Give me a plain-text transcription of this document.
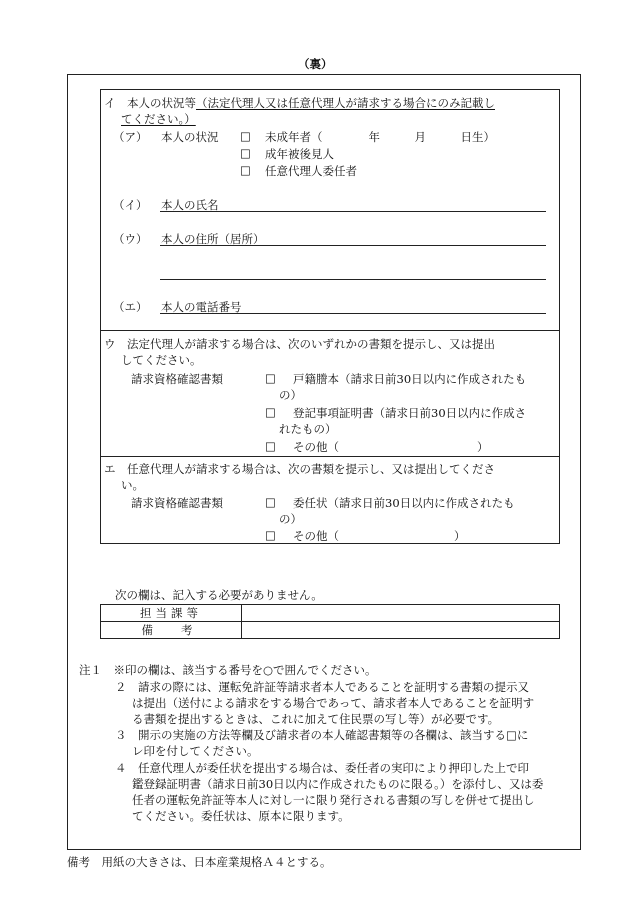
（裏）
イ　本人の状況等（法定代理人又は任意代理人が請求する場合にのみ記載し
てください。）
（ア） 本人の状況 □ 未成年者（　　　　年　　　月　　　日生）
□ 成年被後見人
□ 任意代理人委任者
（イ） 本人の氏名
（ウ） 本人の住所（居所）
（エ） 本人の電話番号
ウ　法定代理人が請求する場合は、次のいずれかの書類を提示し、又は提出
してください。
請求資格確認書類	□ 戸籍謄本（請求日前30日以内に作成されたも
の）
□ 登記事項証明書（請求日前30日以内に作成さ
れたもの）
□ その他（　　　　　　　　　　　　）
エ　任意代理人が請求する場合は、次の書類を提示し、又は提出してくださ
い。
請求資格確認書類	□ 委任状（請求日前30日以内に作成されたも
の）
□ その他（　　　　　　　　　　）
次の欄は、記入する必要がありません。
担当課等	
備考	
注１　※印の欄は、該当する番号を○で囲んでください。
２　請求の際には、運転免許証等請求者本人であることを証明する書類の提示又
は提出（送付による請求をする場合であって、請求者本人であることを証明す
る書類を提出するときは、これに加えて住民票の写し等）が必要です。
３　開示の実施の方法等欄及び請求者の本人確認書類等の各欄は、該当する□に
レ印を付してください。
４　任意代理人が委任状を提出する場合は、委任者の実印により押印した上で印
鑑登録証明書（請求日前30日以内に作成されたものに限る。）を添付し、又は委
任者の運転免許証等本人に対し一に限り発行される書類の写しを併せて提出し
てください。委任状は、原本に限ります。
備考　用紙の大きさは、日本産業規格Ａ４とする。
